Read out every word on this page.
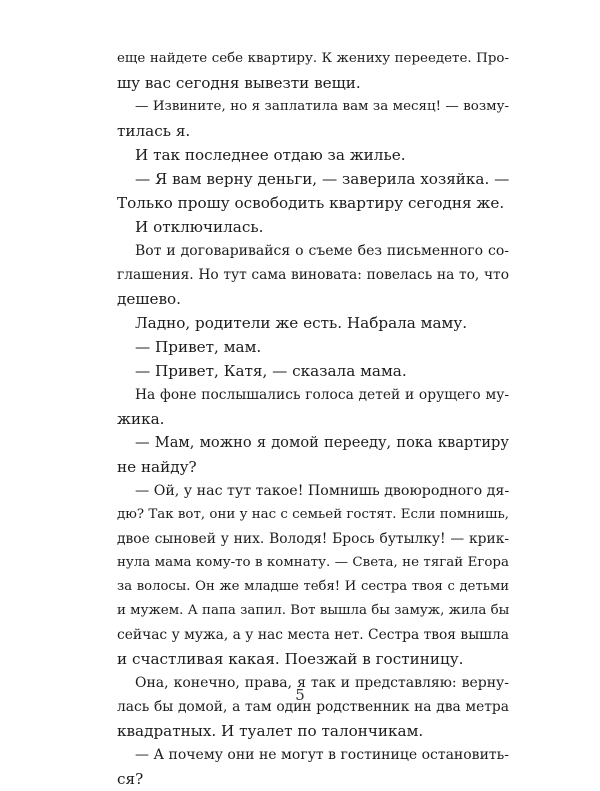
еще найдете себе квартиру. К жениху переедете. Про-
шу вас сегодня вывезти вещи.
— Извините, но я заплатила вам за месяц! — возму-
тилась я.
И так последнее отдаю за жилье.
— Я вам верну деньги, — заверила хозяйка. —
Только прошу освободить квартиру сегодня же.
И отключилась.
Вот и договаривайся о съеме без письменного со-
глашения. Но тут сама виновата: повелась на то, что
дешево.
Ладно, родители же есть. Набрала маму.
— Привет, мам.
— Привет, Катя, — сказала мама.
На фоне послышались голоса детей и орущего му-
жика.
— Мам, можно я домой перееду, пока квартиру
не найду?
— Ой, у нас тут такое! Помнишь двоюродного дя-
дю? Так вот, они у нас с семьей гостят. Если помнишь,
двое сыновей у них. Володя! Брось бутылку! — крик-
нула мама кому-то в комнату. — Света, не тягай Егора
за волосы. Он же младше тебя! И сестра твоя с детьми
и мужем. А папа запил. Вот вышла бы замуж, жила бы
сейчас у мужа, а у нас места нет. Сестра твоя вышла
и счастливая какая. Поезжай в гостиницу.
Она, конечно, права, я так и представляю: верну-
лась бы домой, а там один родственник на два метра
квадратных. И туалет по талончикам.
— А почему они не могут в гостинице остановить-
ся?
5
